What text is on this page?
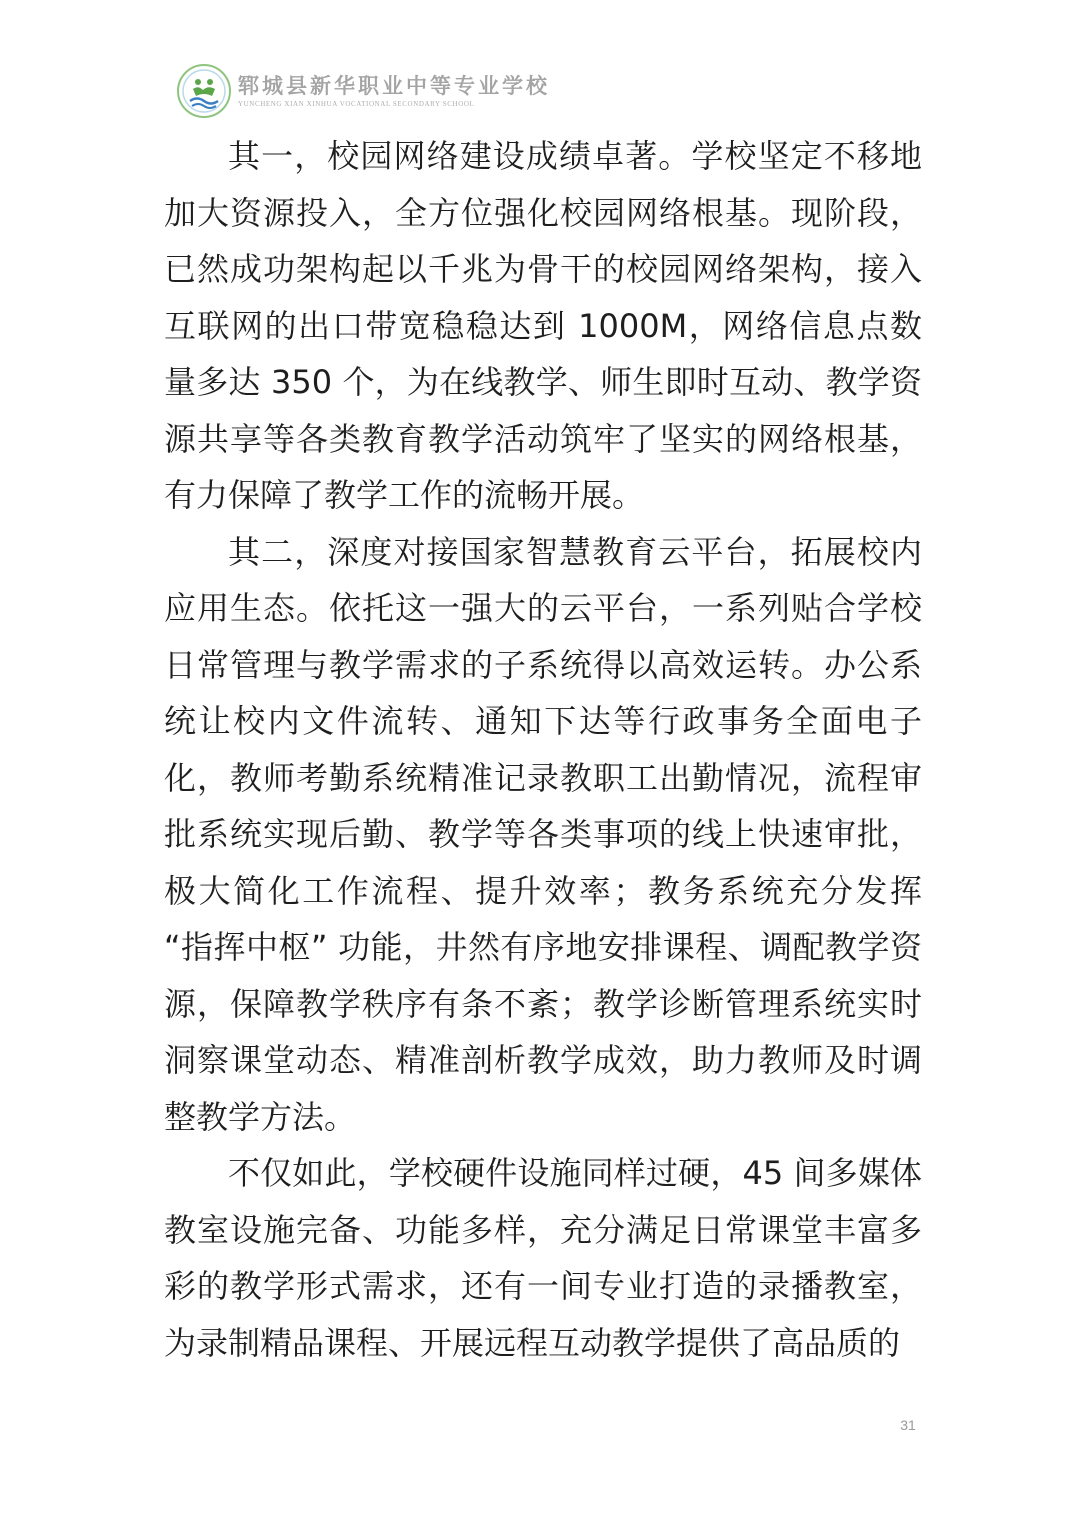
郓城县新华职业中等专业学校
YUNCHENG XIAN XINHUA VOCATIONAL SECONDARY SCHOOL

其一，校园网络建设成绩卓著。学校坚定不移地加大资源投入，全方位强化校园网络根基。现阶段，已然成功架构起以千兆为骨干的校园网络架构，接入互联网的出口带宽稳稳达到 1000M，网络信息点数量多达 350 个，为在线教学、师生即时互动、教学资源共享等各类教育教学活动筑牢了坚实的网络根基，有力保障了教学工作的流畅开展。

其二，深度对接国家智慧教育云平台，拓展校内应用生态。依托这一强大的云平台，一系列贴合学校日常管理与教学需求的子系统得以高效运转。办公系统让校内文件流转、通知下达等行政事务全面电子化，教师考勤系统精准记录教职工出勤情况，流程审批系统实现后勤、教学等各类事项的线上快速审批，极大简化工作流程、提升效率；教务系统充分发挥 “指挥中枢” 功能，井然有序地安排课程、调配教学资源，保障教学秩序有条不紊；教学诊断管理系统实时洞察课堂动态、精准剖析教学成效，助力教师及时调整教学方法。

不仅如此，学校硬件设施同样过硬，45 间多媒体教室设施完备、功能多样，充分满足日常课堂丰富多彩的教学形式需求，还有一间专业打造的录播教室，为录制精品课程、开展远程互动教学提供了高品质的

31
